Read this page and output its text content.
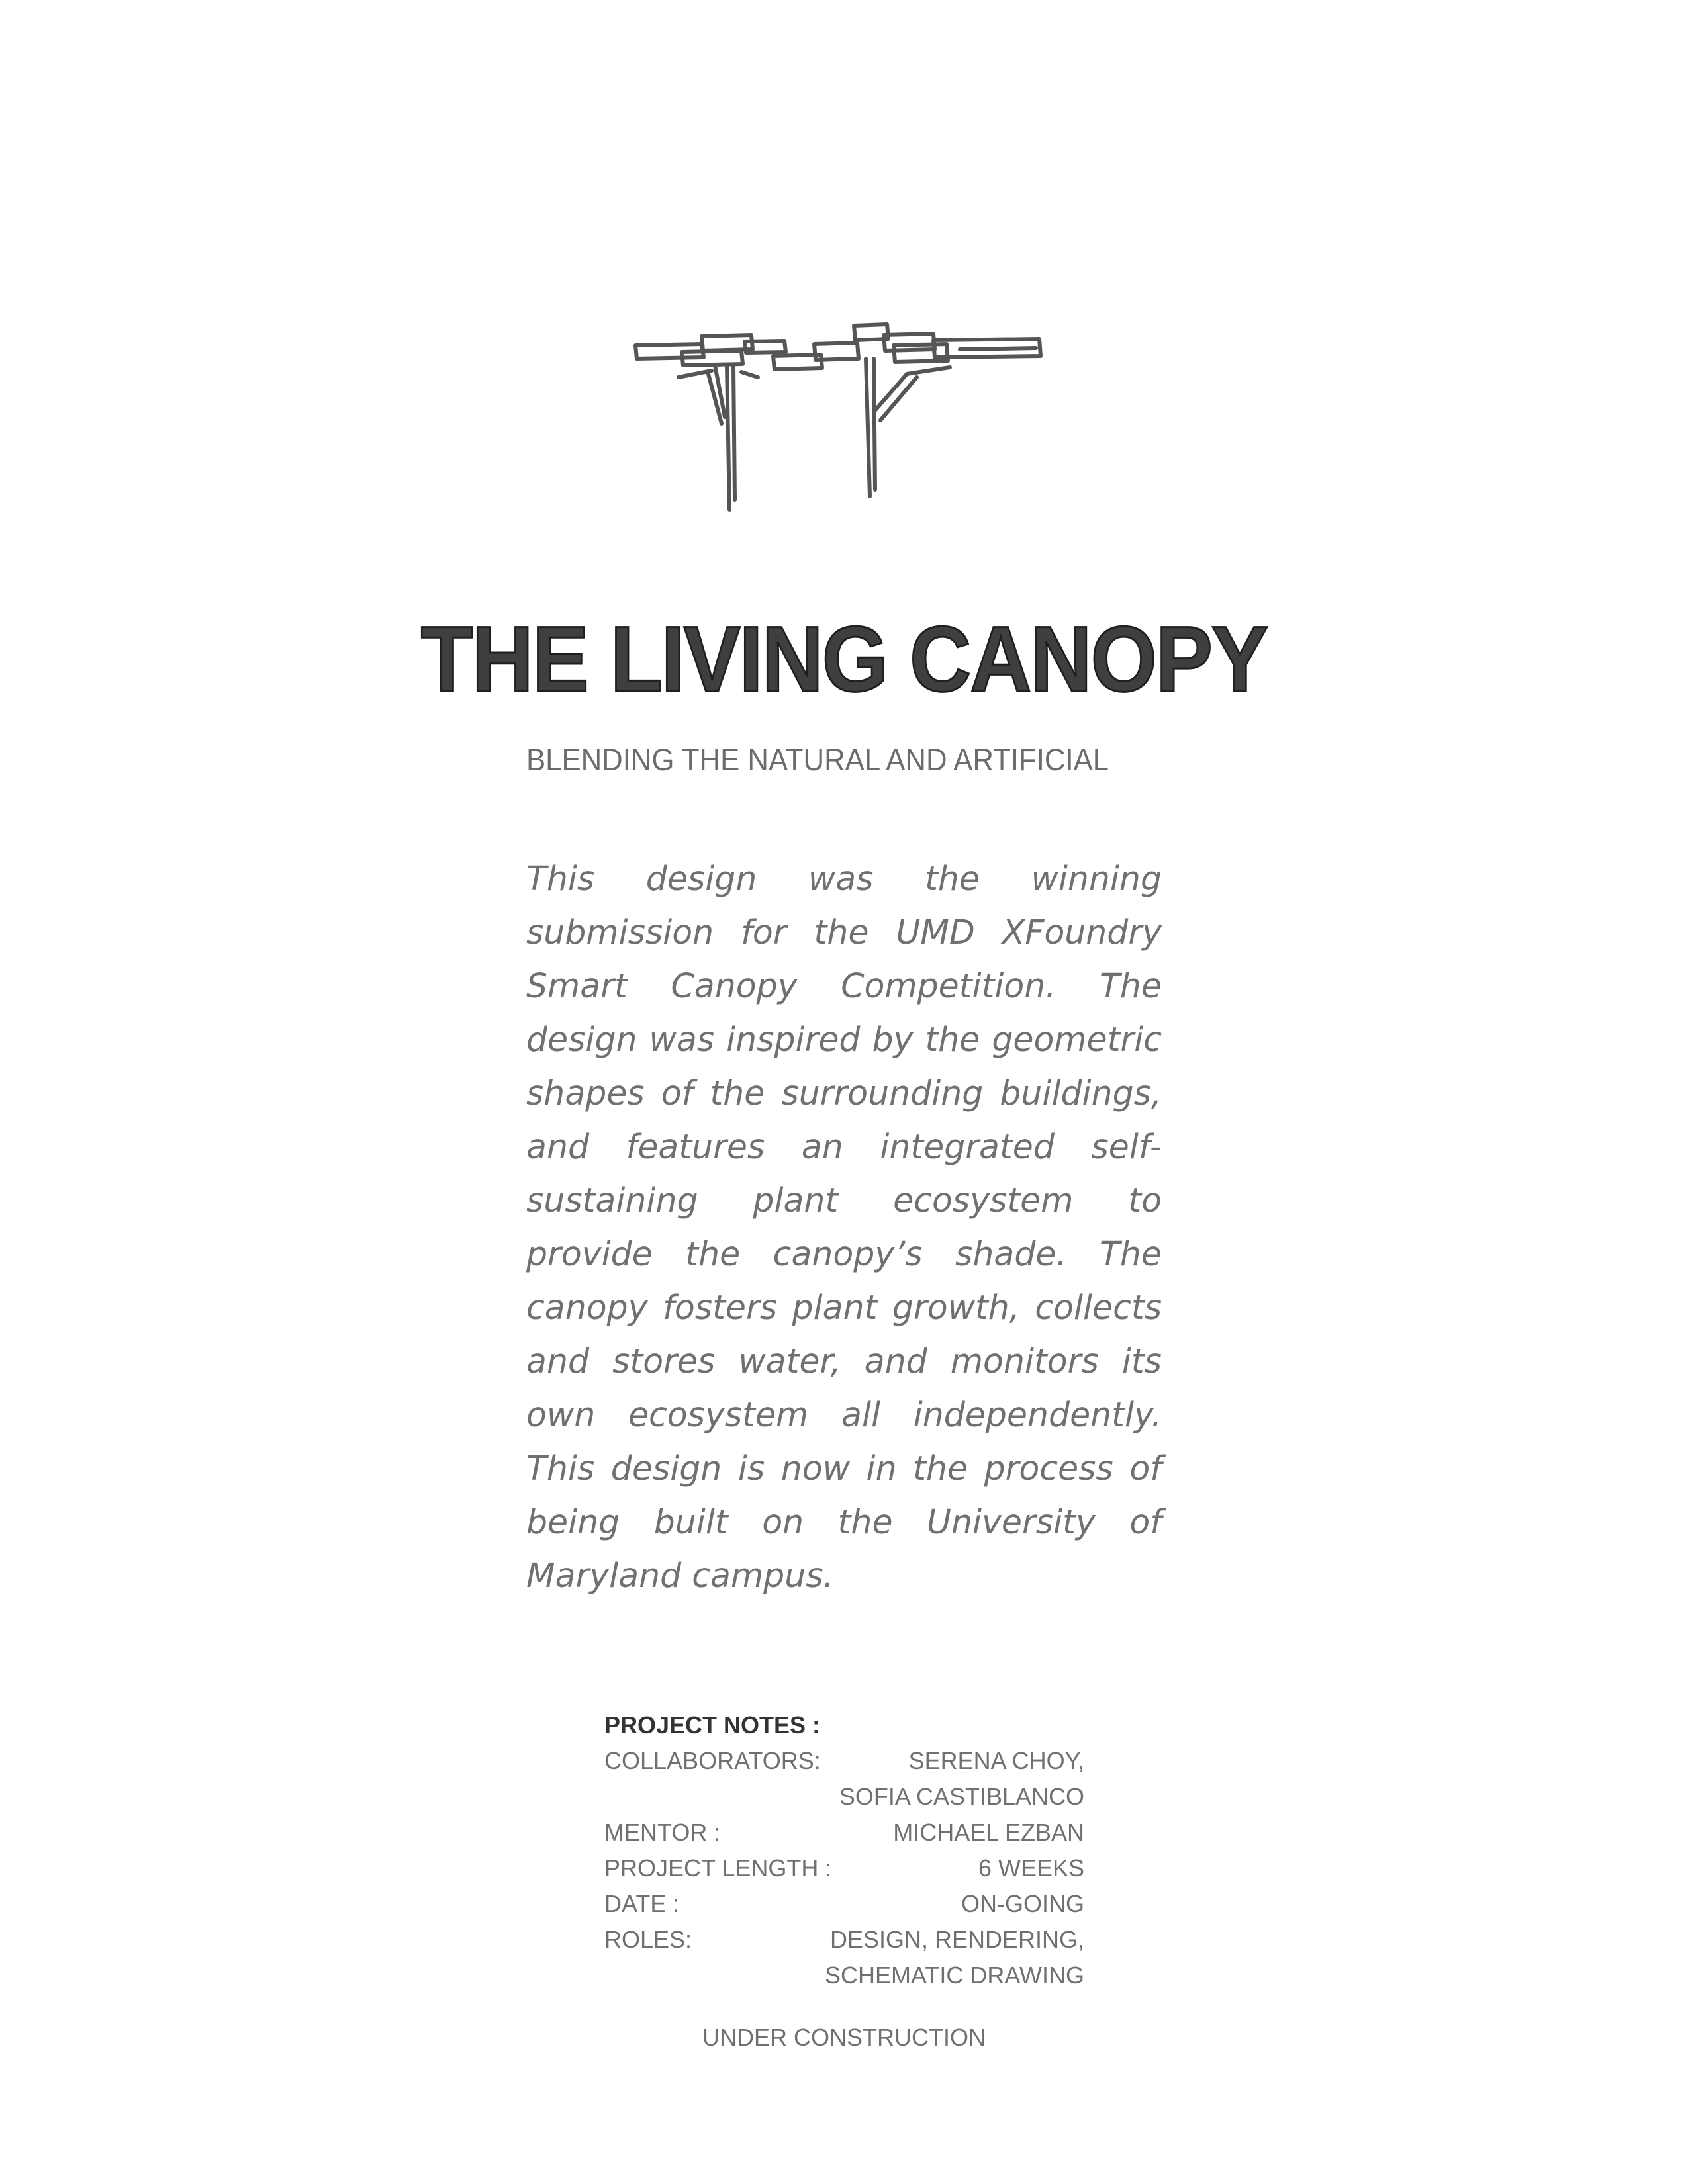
THE LIVING CANOPY
BLENDING THE NATURAL AND ARTIFICIAL

This design was the winning submission for the UMD XFoundry Smart Canopy Competition. The design was inspired by the geometric shapes of the surrounding buildings, and features an integrated self-sustaining plant ecosystem to provide the canopy’s shade. The canopy fosters plant growth, collects and stores water, and monitors its own ecosystem all independently. This design is now in the process of being built on the University of Maryland campus.

PROJECT NOTES :
COLLABORATORS:	SERENA CHOY,
SOFIA CASTIBLANCO
MENTOR :	MICHAEL EZBAN
PROJECT LENGTH :	6 WEEKS
DATE :	ON-GOING
ROLES:	DESIGN, RENDERING,
SCHEMATIC DRAWING
UNDER CONSTRUCTION
